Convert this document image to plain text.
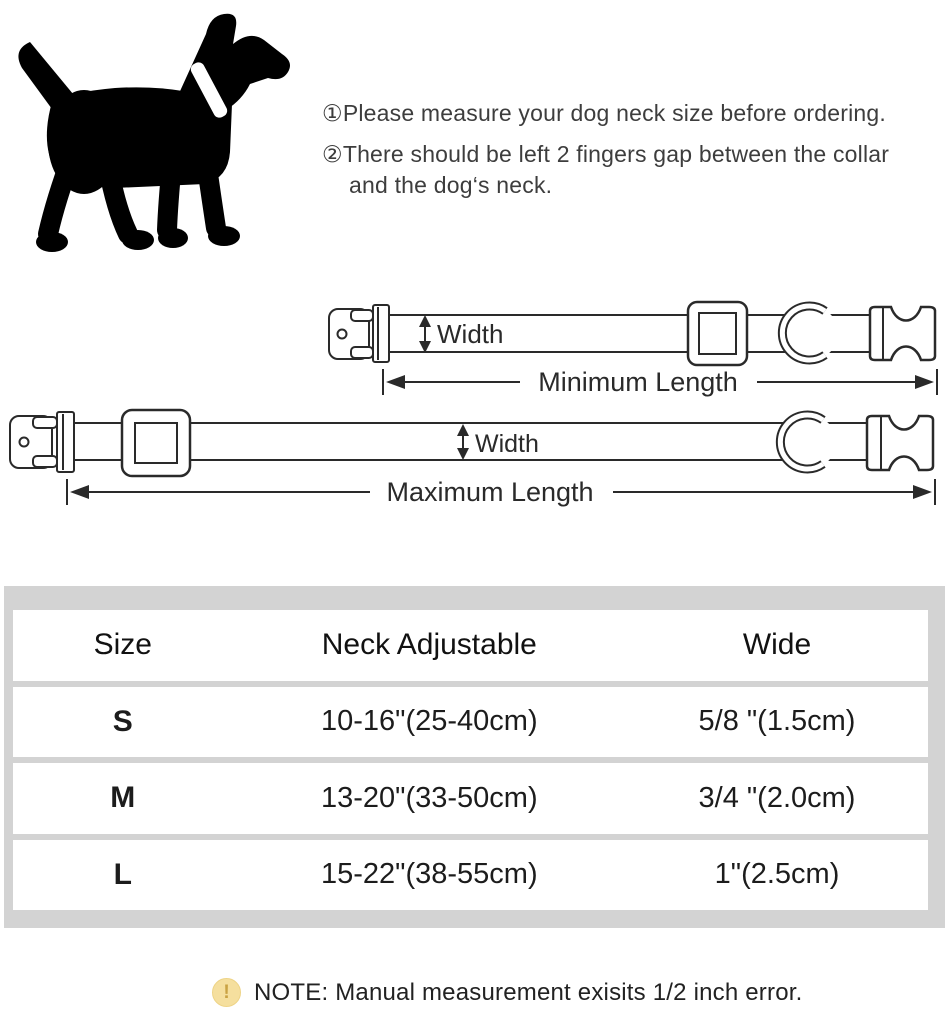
①Please measure your dog neck size before ordering.

②There should be left 2 fingers gap between the collar and the dog‘s neck.

Width
Minimum Length
Width
Maximum Length
Size	Neck Adjustable	Wide
S	10-16"(25-40cm)	5/8 "(1.5cm)
M	13-20"(33-50cm)	3/4 "(2.0cm)
L	15-22"(38-55cm)	1"(2.5cm)
!	NOTE: Manual measurement exisits 1/2 inch error.
